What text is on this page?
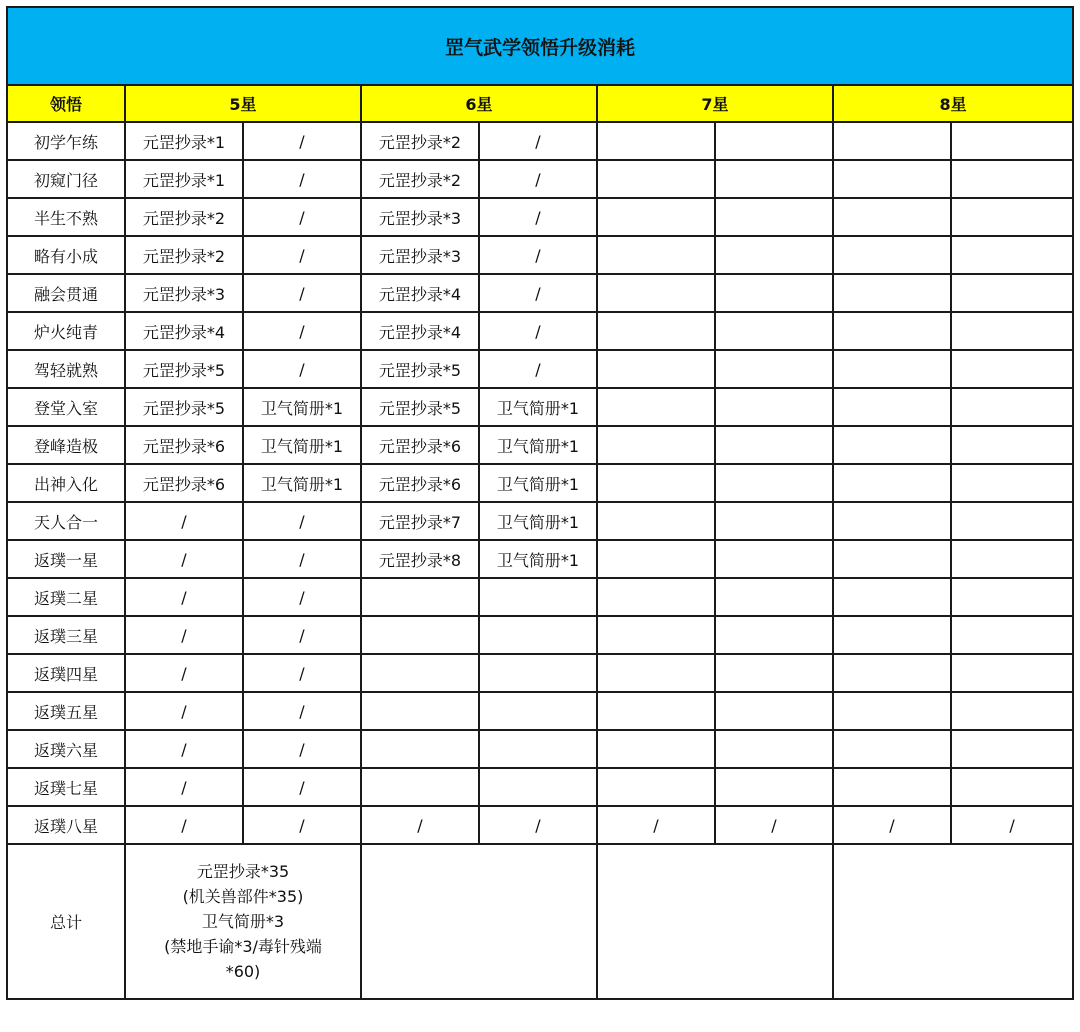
罡气武学领悟升级消耗								
领悟	5星		6星		7星		8星	
初学乍练	元罡抄录*1	/	元罡抄录*2	/				
初窥门径	元罡抄录*1	/	元罡抄录*2	/				
半生不熟	元罡抄录*2	/	元罡抄录*3	/				
略有小成	元罡抄录*2	/	元罡抄录*3	/				
融会贯通	元罡抄录*3	/	元罡抄录*4	/				
炉火纯青	元罡抄录*4	/	元罡抄录*4	/				
驾轻就熟	元罡抄录*5	/	元罡抄录*5	/				
登堂入室	元罡抄录*5	卫气简册*1	元罡抄录*5	卫气简册*1				
登峰造极	元罡抄录*6	卫气简册*1	元罡抄录*6	卫气简册*1				
出神入化	元罡抄录*6	卫气简册*1	元罡抄录*6	卫气简册*1				
天人合一	/	/	元罡抄录*7	卫气简册*1				
返璞一星	/	/	元罡抄录*8	卫气简册*1				
返璞二星	/	/						
返璞三星	/	/						
返璞四星	/	/						
返璞五星	/	/						
返璞六星	/	/						
返璞七星	/	/						
返璞八星	/	/	/	/	/	/	/	/
总计	元罡抄录*35
(机关兽部件*35)
卫气简册*3
(禁地手谕*3/毒针残端
*60)							
